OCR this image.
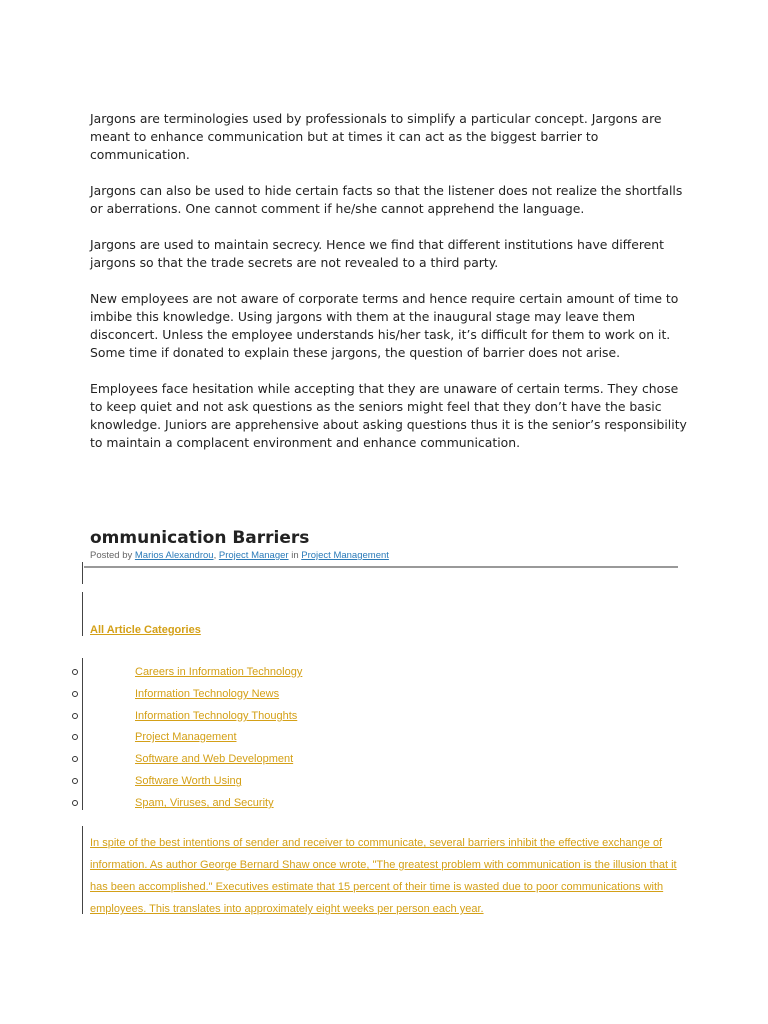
Jargons are terminologies used by professionals to simplify a particular concept. Jargons are meant to enhance communication but at times it can act as the biggest barrier to communication.

Jargons can also be used to hide certain facts so that the listener does not realize the shortfalls or aberrations. One cannot comment if he/she cannot apprehend the language.

Jargons are used to maintain secrecy. Hence we find that different institutions have different jargons so that the trade secrets are not revealed to a third party.

New employees are not aware of corporate terms and hence require certain amount of time to imbibe this knowledge. Using jargons with them at the inaugural stage may leave them disconcert. Unless the employee understands his/her task, it’s difficult for them to work on it. Some time if donated to explain these jargons, the question of barrier does not arise.

Employees face hesitation while accepting that they are unaware of certain terms. They chose to keep quiet and not ask questions as the seniors might feel that they don’t have the basic knowledge. Juniors are apprehensive about asking questions thus it is the senior’s responsibility to maintain a complacent environment and enhance communication.

ommunication Barriers
Posted by Marios Alexandrou, Project Manager in Project Management
All Article Categories
Careers in Information Technology
Information Technology News
Information Technology Thoughts
Project Management
Software and Web Development
Software Worth Using
Spam, Viruses, and Security

In spite of the best intentions of sender and receiver to communicate, several barriers inhibit the effective exchange of information. As author George Bernard Shaw once wrote, "The greatest problem with communication is the illusion that it has been accomplished." Executives estimate that 15 percent of their time is wasted due to poor communications with employees. This translates into approximately eight weeks per person each year.
